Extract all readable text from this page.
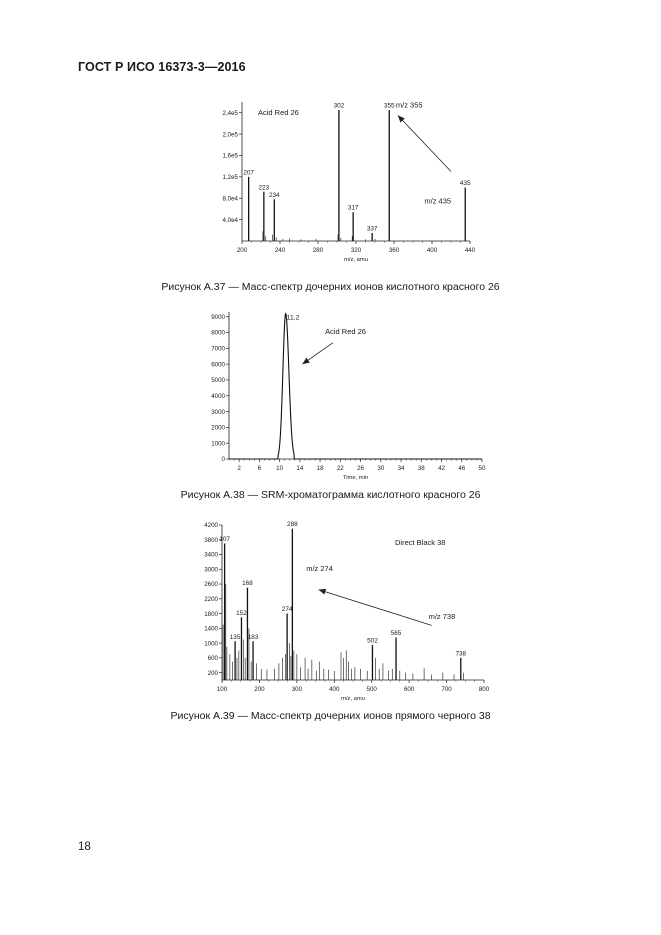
ГОСТ Р ИСО 16373-3—2016
200	240	280	320	360	400	440
4,0e4
8,0e4
1,2e5
1,6e5
2,0e5
2,4e5
m/z, amu
207
223
234
302
317
337
355
435
Acid Red 26
m/z 355
m/z 435
Рисунок А.37 — Масс-спектр дочерних ионов кислотного красного 26
2	6 10 14 18 22 26 30 34 38 42 46 50
0
1000
2000
3000
4000
5000
6000
7000
8000
9000
Time, min
11,2
Acid Red 26
Рисунок А.38 — SRM-хроматограмма кислотного красного 26
100	200	300	400	500	600	700	800
200
600
1000
1400
1800
2200
2600
3000
3400
3800
4200
m/z, amu
107
135
152
168
183
274
288
502
565
738
Direct Black 38
m/z 274
m/z 738
Рисунок А.39 — Масс-спектр дочерних ионов прямого черного 38
18
